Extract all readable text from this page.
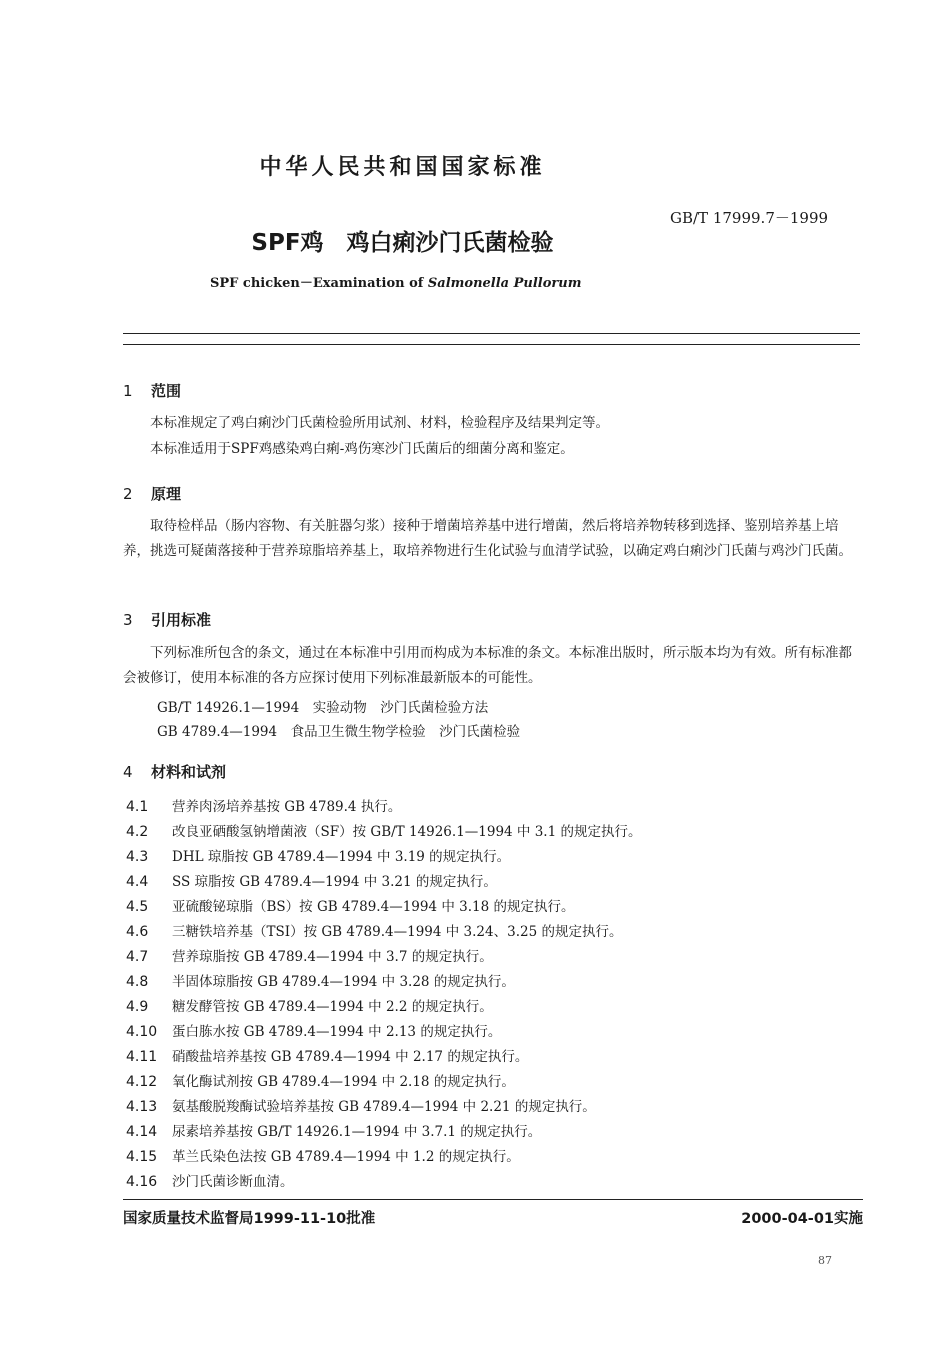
中华人民共和国国家标准
GB/T 17999.7－1999
SPF鸡　鸡白痢沙门氏菌检验
SPF chicken－Examination of Salmonella Pullorum
1 范围
本标准规定了鸡白痢沙门氏菌检验所用试剂、材料，检验程序及结果判定等。
本标准适用于SPF鸡感染鸡白痢-鸡伤寒沙门氏菌后的细菌分离和鉴定。
2 原理
取待检样品（肠内容物、有关脏器匀浆）接种于增菌培养基中进行增菌，然后将培养物转移到选择、鉴别培养基上培养，挑选可疑菌落接种于营养琼脂培养基上，取培养物进行生化试验与血清学试验，以确定鸡白痢沙门氏菌与鸡沙门氏菌。
3 引用标准
下列标准所包含的条文，通过在本标准中引用而构成为本标准的条文。本标准出版时，所示版本均为有效。所有标准都会被修订，使用本标准的各方应探讨使用下列标准最新版本的可能性。
GB/T 14926.1—1994　实验动物　沙门氏菌检验方法
GB 4789.4—1994　食品卫生微生物学检验　沙门氏菌检验
4 材料和试剂
4.1 营养肉汤培养基按 GB 4789.4 执行。
4.2 改良亚硒酸氢钠增菌液（SF）按 GB/T 14926.1—1994 中 3.1 的规定执行。
4.3 DHL 琼脂按 GB 4789.4—1994 中 3.19 的规定执行。
4.4 SS 琼脂按 GB 4789.4—1994 中 3.21 的规定执行。
4.5 亚硫酸铋琼脂（BS）按 GB 4789.4—1994 中 3.18 的规定执行。
4.6 三糖铁培养基（TSI）按 GB 4789.4—1994 中 3.24、3.25 的规定执行。
4.7 营养琼脂按 GB 4789.4—1994 中 3.7 的规定执行。
4.8 半固体琼脂按 GB 4789.4—1994 中 3.28 的规定执行。
4.9 糖发酵管按 GB 4789.4—1994 中 2.2 的规定执行。
4.10 蛋白胨水按 GB 4789.4—1994 中 2.13 的规定执行。
4.11 硝酸盐培养基按 GB 4789.4—1994 中 2.17 的规定执行。
4.12 氧化酶试剂按 GB 4789.4—1994 中 2.18 的规定执行。
4.13 氨基酸脱羧酶试验培养基按 GB 4789.4—1994 中 2.21 的规定执行。
4.14 尿素培养基按 GB/T 14926.1—1994 中 3.7.1 的规定执行。
4.15 革兰氏染色法按 GB 4789.4—1994 中 1.2 的规定执行。
4.16 沙门氏菌诊断血清。
国家质量技术监督局1999-11-10批准	2000-04-01实施
87
